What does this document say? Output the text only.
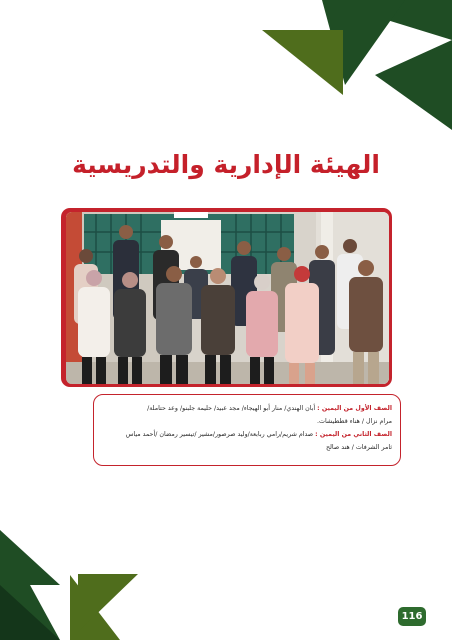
الهيئة الإدارية والتدريسية
الصف الأول من اليمين : أبان الهندي/ منار أبو الهيجاء/ مجد عبيد/ حليمة جلبنو/ وعد حتاملة/
مرام نزال / هناء قططيشات.
الصف الثاني من اليمين : صدام شريم/رامي ربابعة/وليد صرصور/مشير /تيسير رمضان /أحمد مياس
ثامر الشرفات / هند صالح
116
